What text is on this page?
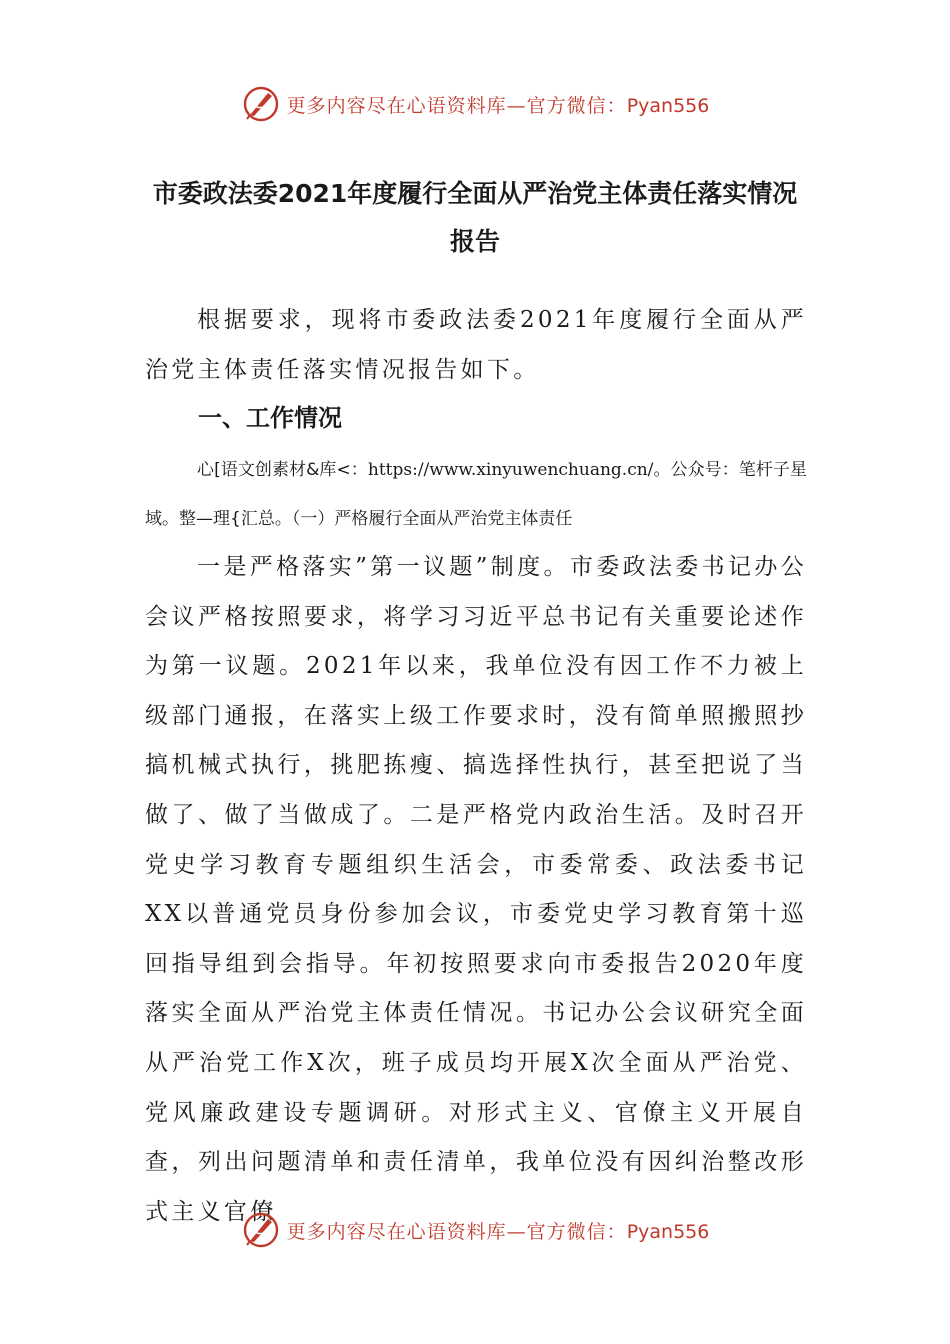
更多内容尽在心语资料库—官方微信：Pyan556
市委政法委2021年度履行全面从严治党主体责任落实情况报告

根据要求，现将市委政法委2021年度履行全面从严治党主体责任落实情况报告如下。

一、工作情况

心[语文创素材&库<：https://www.xinyuwenchuang.cn/。公众号：笔杆子星域。整—理{汇总。（一）严格履行全面从严治党主体责任

一是严格落实”第一议题”制度。市委政法委书记办公会议严格按照要求，将学习习近平总书记有关重要论述作为第一议题。2021年以来，我单位没有因工作不力被上级部门通报，在落实上级工作要求时，没有简单照搬照抄搞机械式执行，挑肥拣瘦、搞选择性执行，甚至把说了当做了、做了当做成了。二是严格党内政治生活。及时召开党史学习教育专题组织生活会，市委常委、政法委书记XX以普通党员身份参加会议，市委党史学习教育第十巡回指导组到会指导。年初按照要求向市委报告2020年度落实全面从严治党主体责任情况。书记办公会议研究全面从严治党工作X次，班子成员均开展X次全面从严治党、党风廉政建设专题调研。对形式主义、官僚主义开展自查，列出问题清单和责任清单，我单位没有因纠治整改形式主义官僚

更多内容尽在心语资料库—官方微信：Pyan556
